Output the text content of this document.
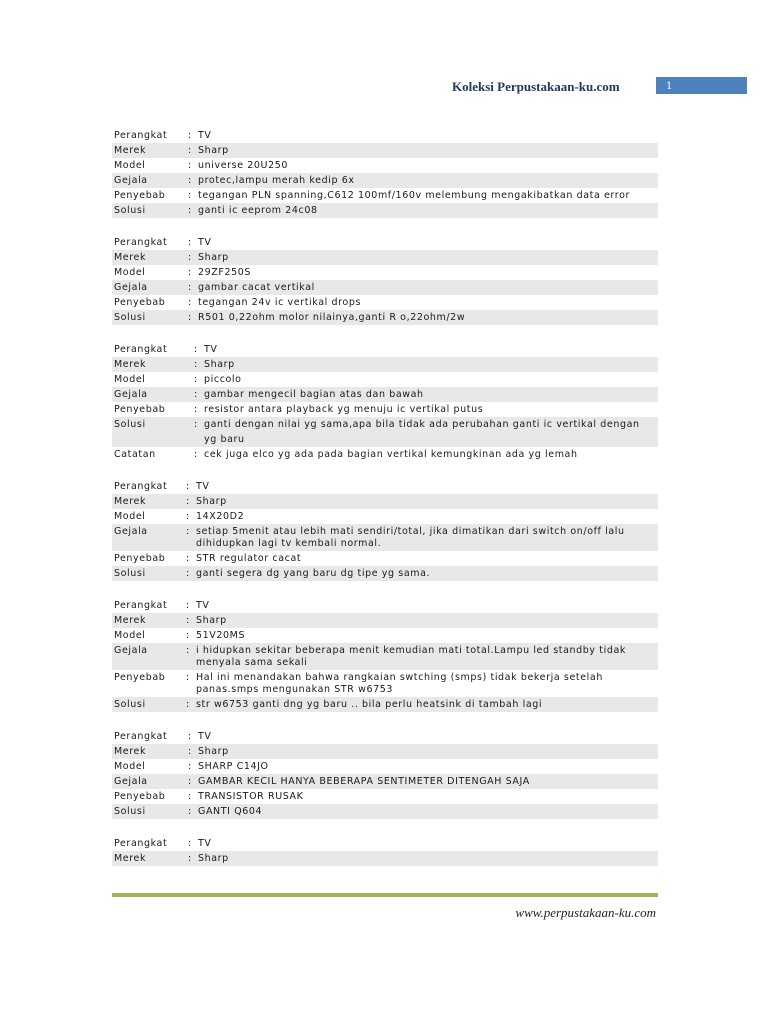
Koleksi Perpustakaan-ku.com	1
Perangkat	: TV
Merek	: Sharp
Model	: universe 20U250
Gejala	: protec,lampu merah kedip 6x
Penyebab	: tegangan PLN spanning,C612 100mf/160v melembung mengakibatkan data error
Solusi	: ganti ic eeprom 24c08
Perangkat	: TV
Merek	: Sharp
Model	: 29ZF250S
Gejala	: gambar cacat vertikal
Penyebab	: tegangan 24v ic vertikal drops
Solusi	: R501 0,22ohm molor nilainya,ganti R o,22ohm/2w
Perangkat	: TV
Merek	: Sharp
Model	: piccolo
Gejala	: gambar mengecil bagian atas dan bawah
Penyebab	: resistor antara playback yg menuju ic vertikal putus
Solusi	: ganti dengan nilai yg sama,apa bila tidak ada perubahan ganti ic vertikal dengan yg baru
Catatan	: cek juga elco yg ada pada bagian vertikal kemungkinan ada yg lemah
Perangkat	: TV
Merek	: Sharp
Model	: 14X20D2
Gejala	: setiap 5menit atau lebih mati sendiri/total, jika dimatikan dari switch on/off lalu dihidupkan lagi tv kembali normal.
Penyebab	: STR regulator cacat
Solusi	: ganti segera dg yang baru dg tipe yg sama.
Perangkat	: TV
Merek	: Sharp
Model	: 51V20MS
Gejala	: i hidupkan sekitar beberapa menit kemudian mati total.Lampu led standby tidak menyala sama sekali
Penyebab	: Hal ini menandakan bahwa rangkaian swtching (smps) tidak bekerja setelah panas.smps mengunakan STR w6753
Solusi	: str w6753 ganti dng yg baru .. bila perlu heatsink di tambah lagi
Perangkat	: TV
Merek	: Sharp
Model	: SHARP C14JO
Gejala	: GAMBAR KECIL HANYA BEBERAPA SENTIMETER DITENGAH SAJA
Penyebab	: TRANSISTOR RUSAK
Solusi	: GANTI Q604
Perangkat	: TV
Merek	: Sharp
www.perpustakaan-ku.com
